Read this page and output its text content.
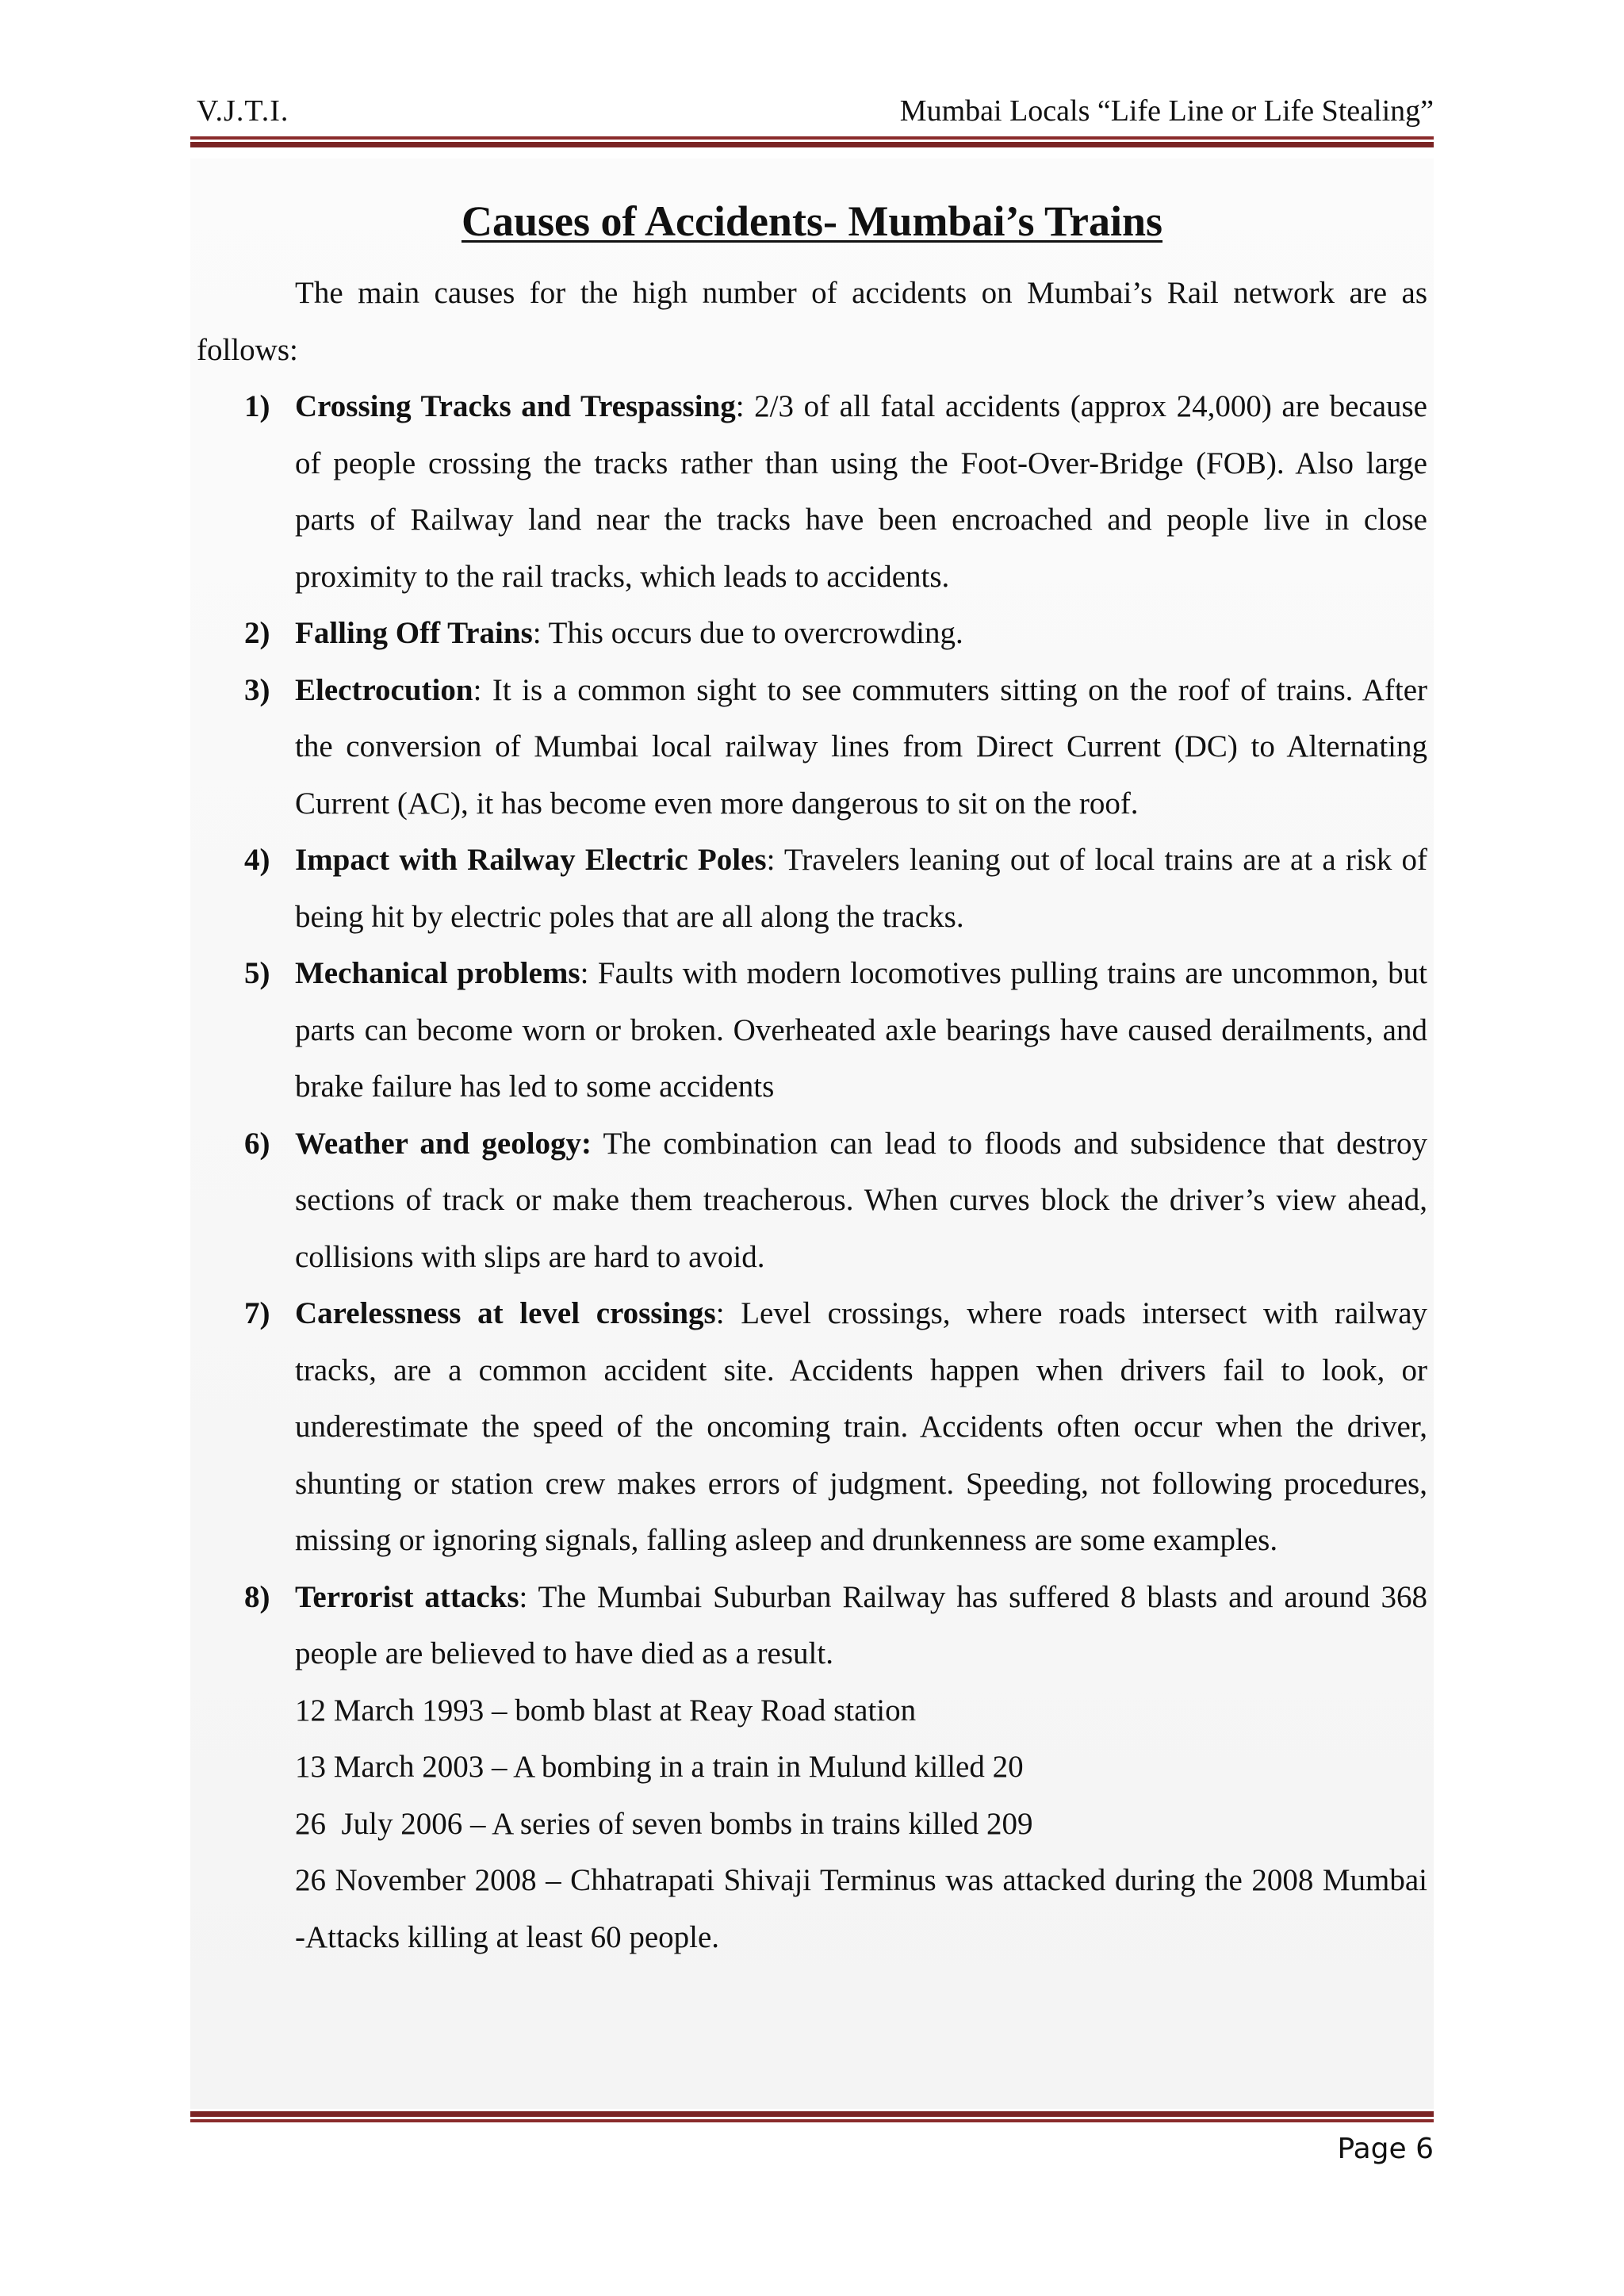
V.J.T.I.	Mumbai Locals “Life Line or Life Stealing”
Causes of Accidents- Mumbai’s Trains

The main causes for the high number of accidents on Mumbai’s Rail network are as follows:

1) Crossing Tracks and Trespassing: 2/3 of all fatal accidents (approx 24,000) are because of people crossing the tracks rather than using the Foot-Over-Bridge (FOB). Also large parts of Railway land near the tracks have been encroached and people live in close proximity to the rail tracks, which leads to accidents.
2) Falling Off Trains: This occurs due to overcrowding.
3) Electrocution: It is a common sight to see commuters sitting on the roof of trains. After the conversion of Mumbai local railway lines from Direct Current (DC) to Alternating Current (AC), it has become even more dangerous to sit on the roof.
4) Impact with Railway Electric Poles: Travelers leaning out of local trains are at a risk of being hit by electric poles that are all along the tracks.
5) Mechanical problems: Faults with modern locomotives pulling trains are uncommon, but parts can become worn or broken. Overheated axle bearings have caused derailments, and brake failure has led to some accidents
6) Weather and geology: The combination can lead to floods and subsidence that destroy sections of track or make them treacherous. When curves block the driver’s view ahead, collisions with slips are hard to avoid.
7) Carelessness at level crossings: Level crossings, where roads intersect with railway tracks, are a common accident site. Accidents happen when drivers fail to look, or underestimate the speed of the oncoming train. Accidents often occur when the driver, shunting or station crew makes errors of judgment. Speeding, not following procedures, missing or ignoring signals, falling asleep and drunkenness are some examples.
8) Terrorist attacks: The Mumbai Suburban Railway has suffered 8 blasts and around 368 people are believed to have died as a result.
12 March 1993 – bomb blast at Reay Road station
13 March 2003 – A bombing in a train in Mulund killed 20
26  July 2006 – A series of seven bombs in trains killed 209
26 November 2008 – Chhatrapati Shivaji Terminus was attacked during the 2008 Mumbai -Attacks killing at least 60 people.
Page 6
